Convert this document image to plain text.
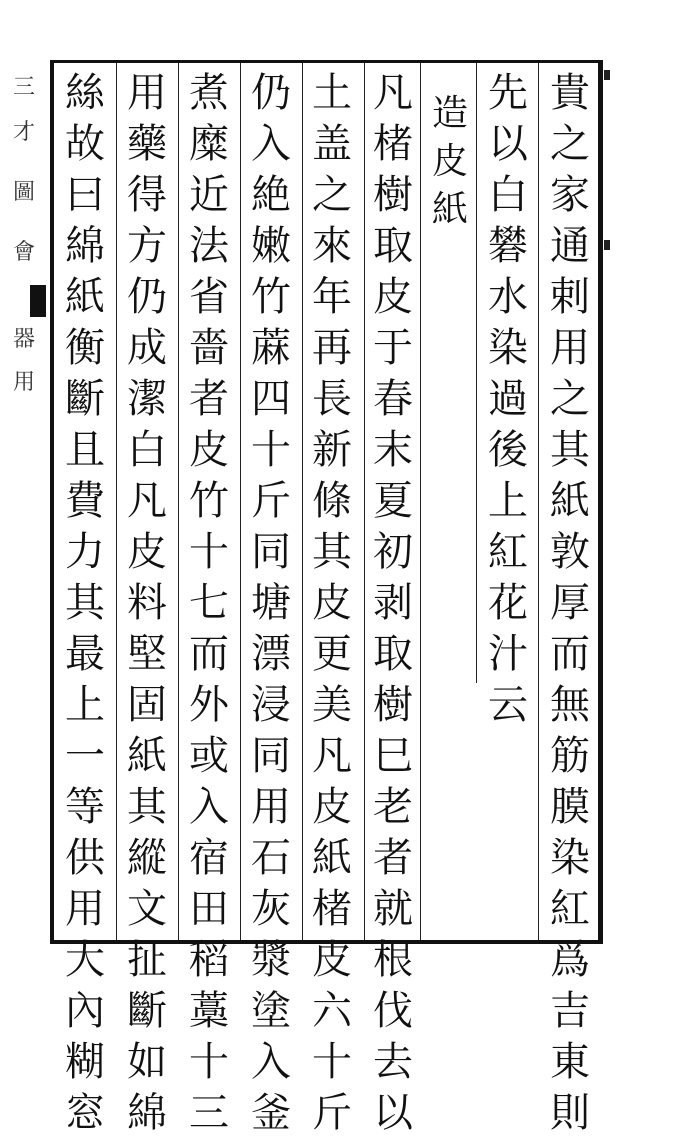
三
才
圖
會
器
用
貴
之
家
通
剌
用
之
其
紙
敦
厚
而
無
筋
膜
染
紅
爲
吉
東
則
先
以
白
礬
水
染
過
後
上
紅
花
汁
云
造
皮
紙
凡
楮
樹
取
皮
于
春
末
夏
初
剥
取
樹
巳
老
者
就
根
伐
去
以
土
盖
之
來
年
再
長
新
條
其
皮
更
美
凡
皮
紙
楮
皮
六
十
斤
仍
入
絶
嫩
竹
蔴
四
十
斤
同
塘
漂
浸
同
用
石
灰
漿
塗
入
釜
煮
糜
近
法
省
嗇
者
皮
竹
十
七
而
外
或
入
宿
田
稻
藁
十
三
用
藥
得
方
仍
成
潔
白
凡
皮
料
堅
固
紙
其
縱
文
扯
斷
如
綿
絲
故
曰
綿
紙
衡
斷
且
費
力
其
最
上
一
等
供
用
大
內
糊
窓
